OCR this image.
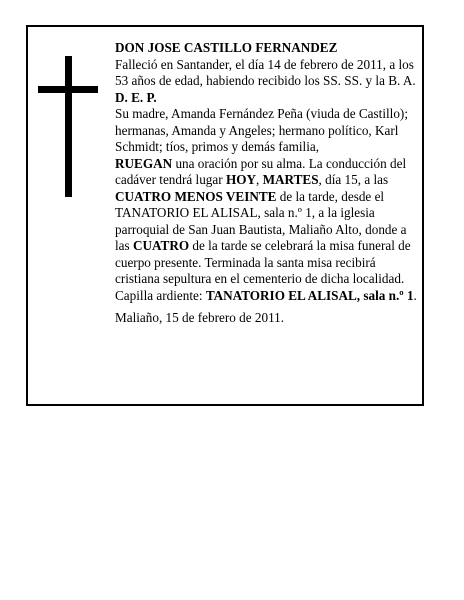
DON JOSE CASTILLO FERNANDEZ

Falleció en Santander, el día 14 de febrero de 2011, a los 53 años de edad, habiendo recibido los SS. SS. y la B. A.

D. E. P.

Su madre, Amanda Fernández Peña (viuda de Castillo); hermanas, Amanda y Angeles; hermano político, Karl Schmidt; tíos, primos y demás familia,

RUEGAN una oración por su alma. La conducción del cadáver tendrá lugar HOY, MARTES, día 15, a las CUATRO MENOS VEINTE de la tarde, desde el TANATORIO EL ALISAL, sala n.º 1, a la iglesia parroquial de San Juan Bautista, Maliaño Alto, donde a las CUATRO de la tarde se celebrará la misa funeral de cuerpo presente. Terminada la santa misa recibirá cristiana sepultura en el cementerio de dicha localidad.

Capilla ardiente: TANATORIO EL ALISAL, sala n.º 1.

Maliaño, 15 de febrero de 2011.
